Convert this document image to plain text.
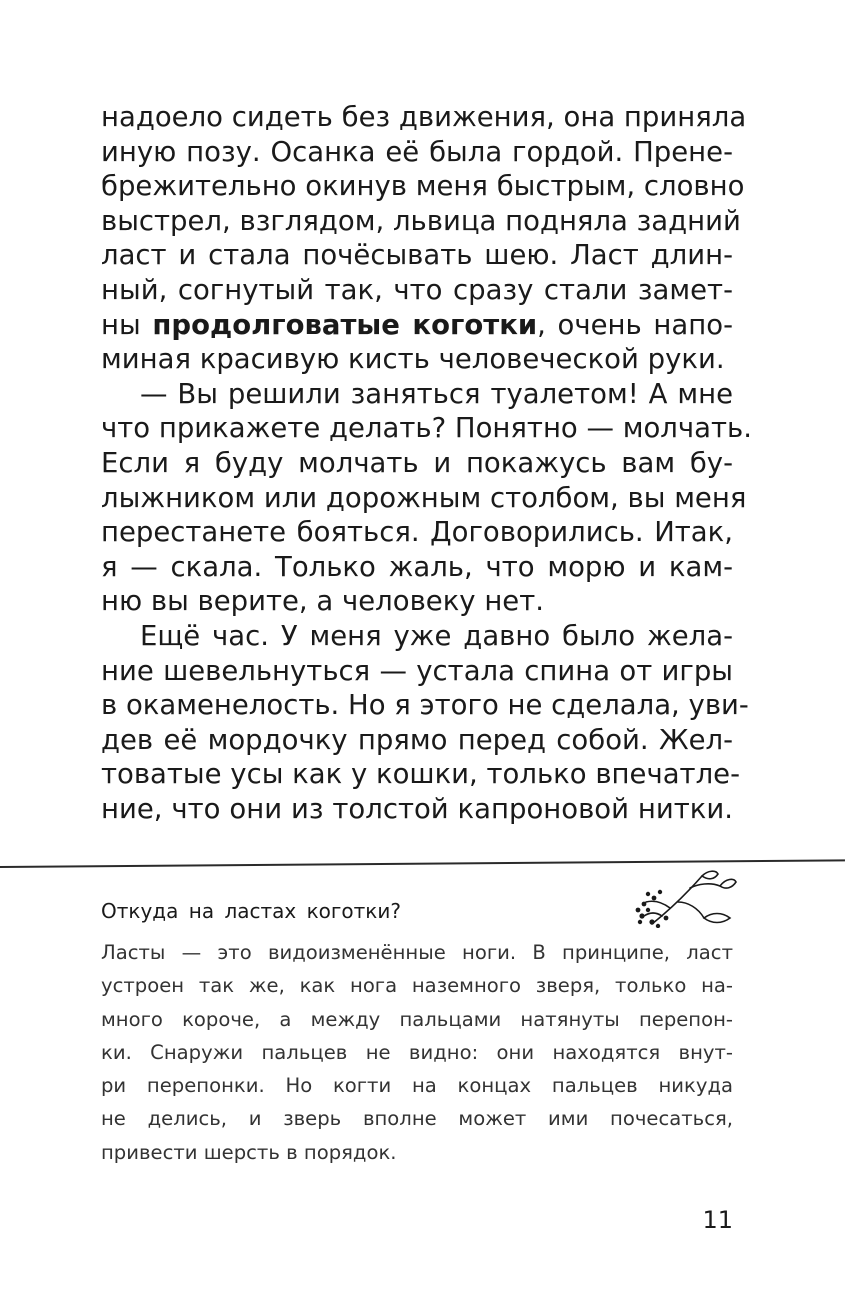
надоело сидеть без движения, она приняла
иную позу. Осанка её была гордой. Прене-
брежительно окинув меня быстрым, словно
выстрел, взглядом, львица подняла задний
ласт и стала почёсывать шею. Ласт длин-
ный, согнутый так, что сразу стали замет-
ны продолговатые коготки, очень напо-
миная красивую кисть человеческой руки.
— Вы решили заняться туалетом! А мне
что прикажете делать? Понятно — молчать.
Если я буду молчать и покажусь вам бу-
лыжником или дорожным столбом, вы меня
перестанете бояться. Договорились. Итак,
я — скала. Только жаль, что морю и кам-
ню вы верите, а человеку нет.
Ещё час. У меня уже давно было жела-
ние шевельнуться — устала спина от игры
в окаменелость. Но я этого не сделала, уви-
дев её мордочку прямо перед собой. Жел-
товатые усы как у кошки, только впечатле-
ние, что они из толстой капроновой нитки.
Откуда на ластах коготки?
Ласты — это видоизменённые ноги. В принципе, ласт
устроен так же, как нога наземного зверя, только на-
много короче, а между пальцами натянуты перепон-
ки. Снаружи пальцев не видно: они находятся внут-
ри перепонки. Но когти на концах пальцев никуда
не делись, и зверь вполне может ими почесаться,
привести шерсть в порядок.
11
